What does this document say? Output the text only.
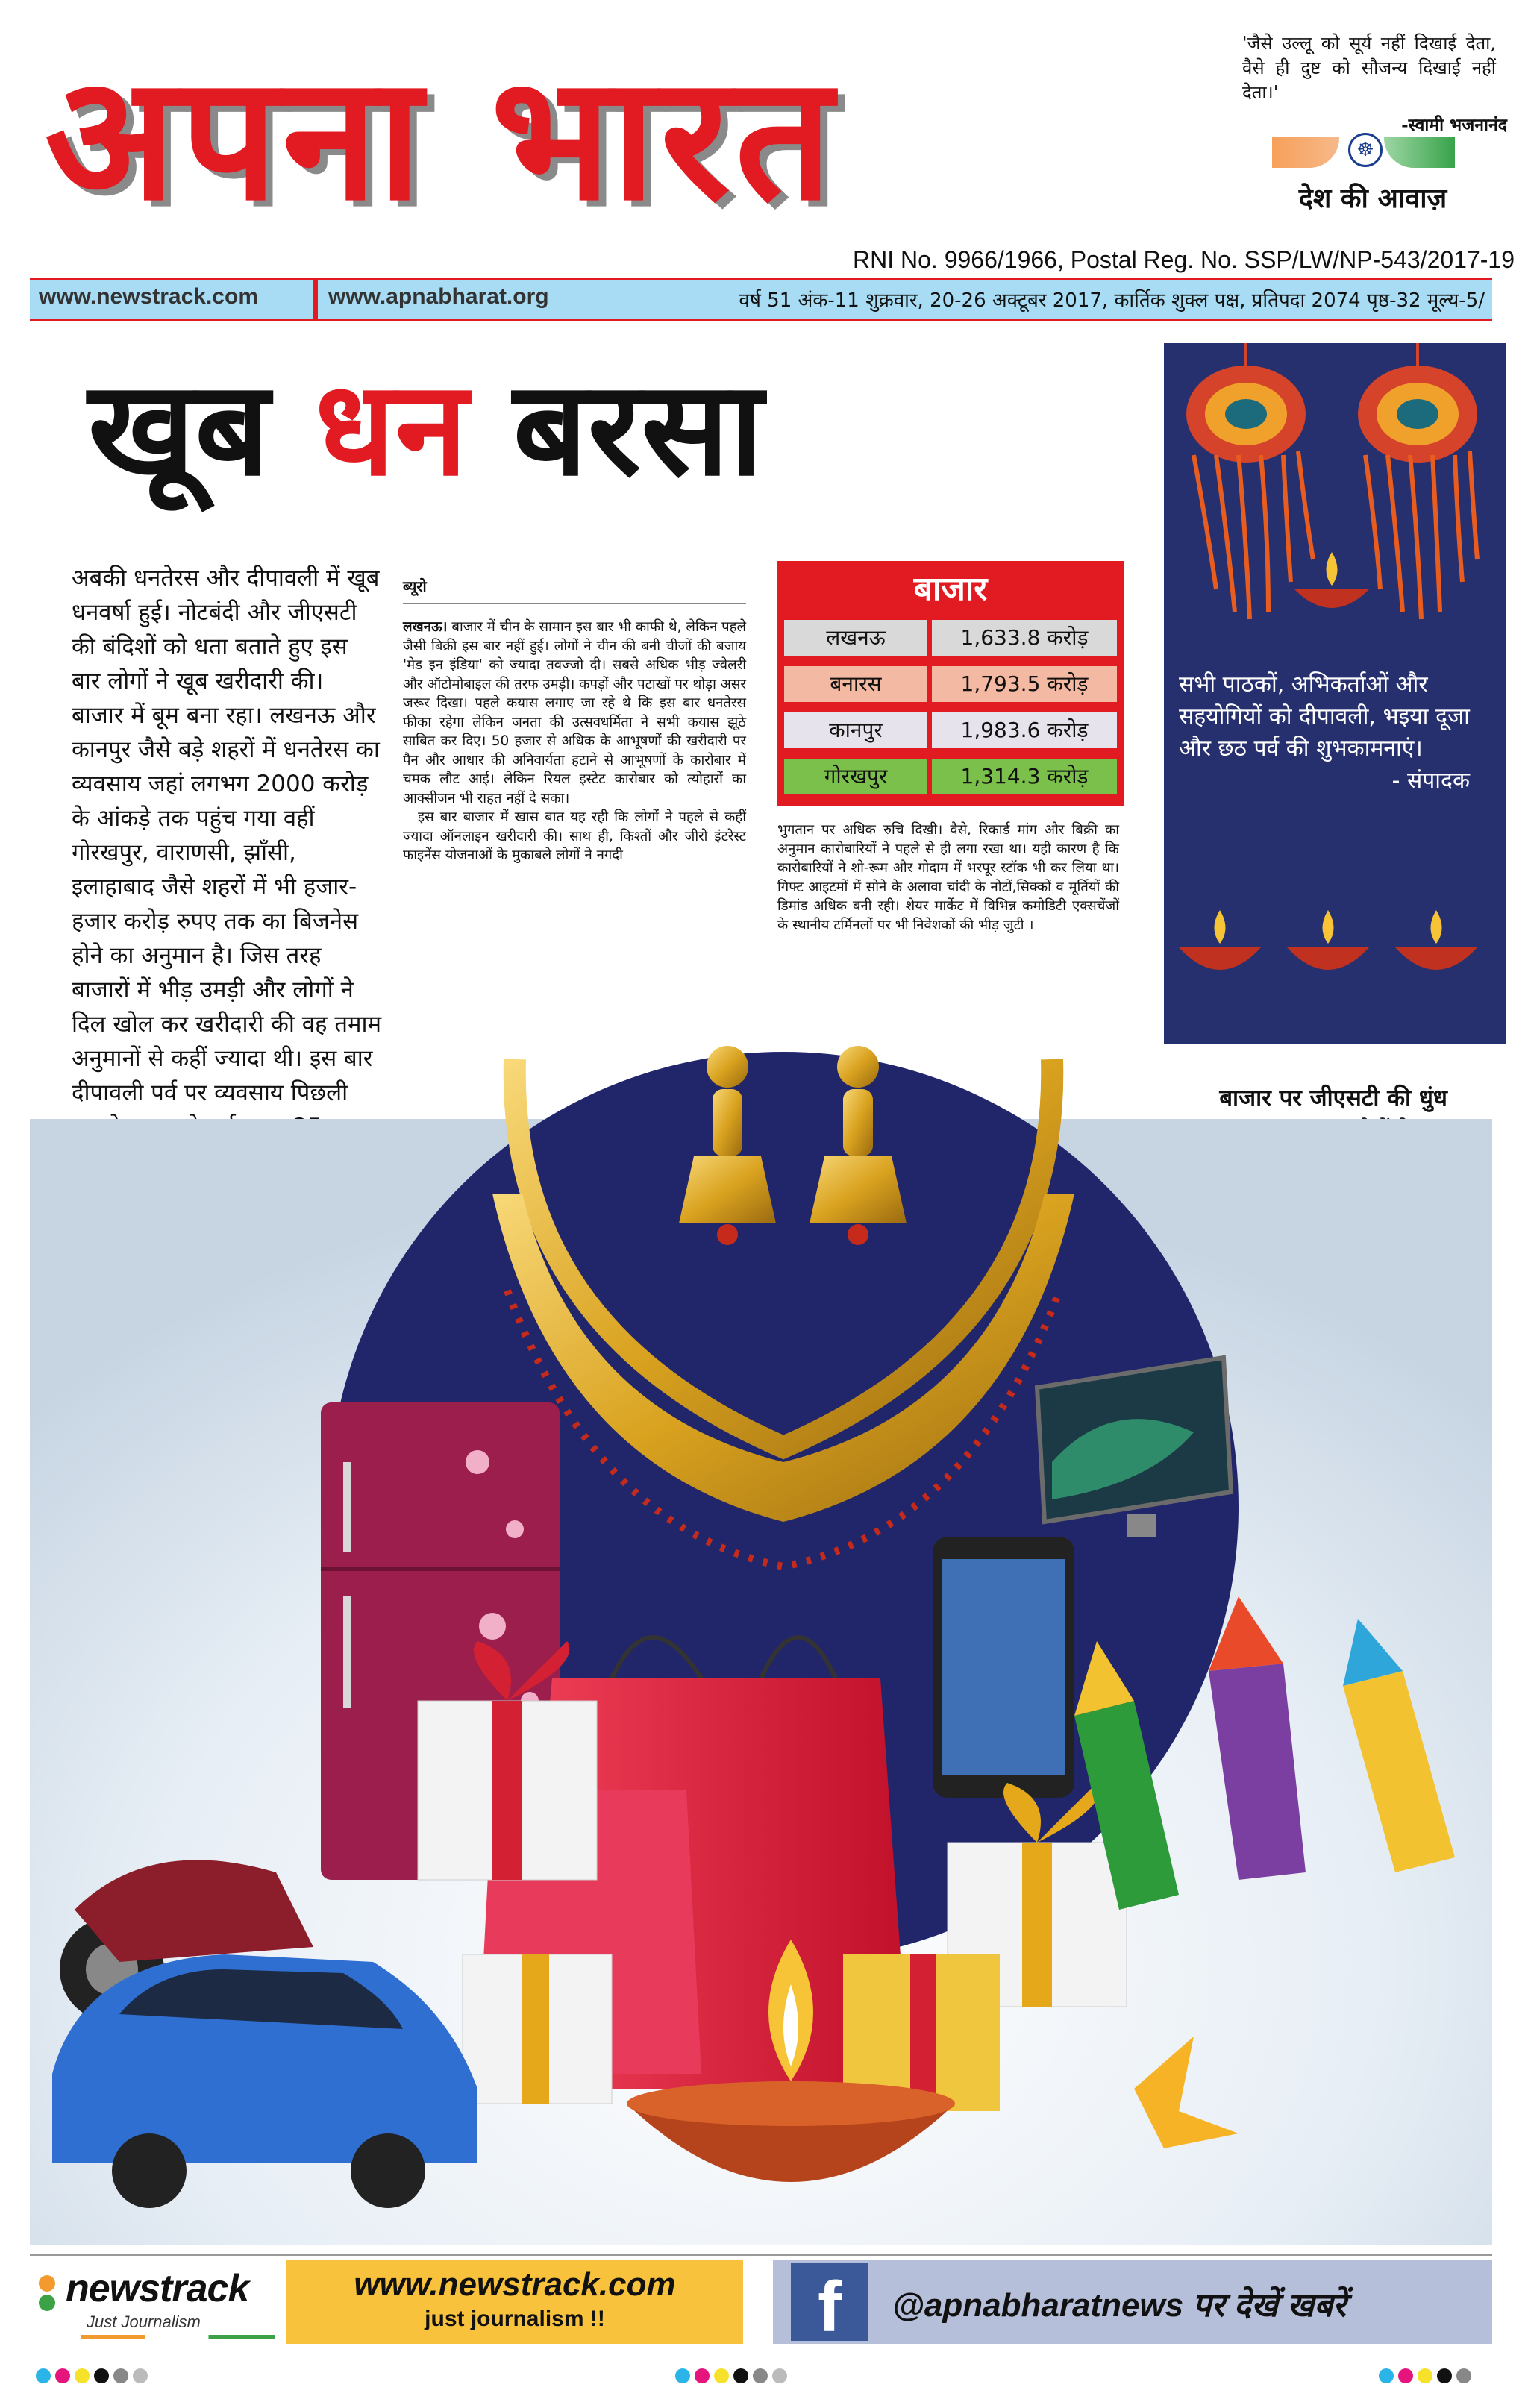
अपना भारत	'जैसे उल्लू को सूर्य नहीं दिखाई देता, वैसे ही दुष्ट को सौजन्य दिखाई नहीं देता।'
-स्वामी भजनानंद
☸
देश की आवाज़
RNI No. 9966/1966, Postal Reg. No. SSP/LW/NP-543/2017-19
www.newstrack.com	www.apnabharat.org	वर्ष 51 अंक-11 शुक्रवार, 20-26 अक्टूबर 2017, कार्तिक शुक्ल पक्ष, प्रतिपदा 2074 पृष्ठ-32 मूल्य-5/
खूब धन बरसा
अबकी धनतेरस और दीपावली में खूब धनवर्षा हुई। नोटबंदी और जीएसटी की बंदिशों को धता बताते हुए इस बार लोगों ने खूब खरीदारी की। बाजार में बूम बना रहा। लखनऊ और कानपुर जैसे बड़े शहरों में धनतेरस का व्यवसाय जहां लगभग 2000 करोड़ के आंकड़े तक पहुंच गया वहीं गोरखपुर, वाराणसी, झाँसी, इलाहाबाद जैसे शहरों में भी हजार-हजार करोड़ रुपए तक का बिजनेस होने का अनुमान है। जिस तरह बाजारों में भीड़ उमड़ी और लोगों ने दिल खोल कर खरीदारी की वह तमाम अनुमानों से कहीं ज्यादा थी। इस बार दीपावली पर्व पर व्यवसाय पिछली
ब्यूरो

लखनऊ। बाजार में चीन के सामान इस बार भी काफी थे, लेकिन पहले जैसी बिक्री इस बार नहीं हुई। लोगों ने चीन की बनी चीजों की बजाय 'मेड इन इंडिया' को ज्यादा तवज्जो दी। सबसे अधिक भीड़ ज्वेलरी और ऑटोमोबाइल की तरफ उमड़ी। कपड़ों और पटाखों पर थोड़ा असर जरूर दिखा। पहले कयास लगाए जा रहे थे कि इस बार धनतेरस फीका रहेगा लेकिन जनता की उत्सवधर्मिता ने सभी कयास झूठे साबित कर दिए। 50 हजार से अधिक के आभूषणों की खरीदारी पर पैन और आधार की अनिवार्यता हटाने से आभूषणों के कारोबार में चमक लौट आई। लेकिन रियल इस्टेट कारोबार को त्योहारों का आक्सीजन भी राहत नहीं दे सका।

इस बार बाजार में खास बात यह रही कि लोगों ने पहले से कहीं ज्यादा ऑनलाइन खरीदारी की। साथ ही, किश्तों और जीरो इंटरेस्ट फाइनेंस योजनाओं के मुकाबले लोगों ने नगदी

भुगतान पर अधिक रुचि दिखी। वैसे, रिकार्ड मांग और बिक्री का अनुमान कारोबारियों ने पहले से ही लगा रखा था। यही कारण है कि कारोबारियों ने शो-रूम और गोदाम में भरपूर स्टॉक भी कर लिया था। गिफ्ट आइटमों में सोने के अलावा चांदी के नोटों,सिक्कों व मूर्तियों की डिमांड अधिक बनी रही। शेयर मार्केट में विभिन्न कमोडिटी एक्सचेंजों के स्थानीय टर्मिनलों पर भी निवेशकों की भीड़ जुटी ।
बाजार
लखनऊ	1,633.8 करोड़
बनारस	1,793.5 करोड़
कानपुर	1,983.6 करोड़
गोरखपुर	1,314.3 करोड़
सभी पाठकों, अभिकर्ताओं और सहयोगियों को दीपावली, भइया दूजा और छठ पर्व की शुभकामनाएं।
- संपादक
बाजार पर जीएसटी की धुंध
newstrack
Just Journalism
www.newstrack.com
just journalism !!	f	@apnabharatnews पर देखें खबरें
